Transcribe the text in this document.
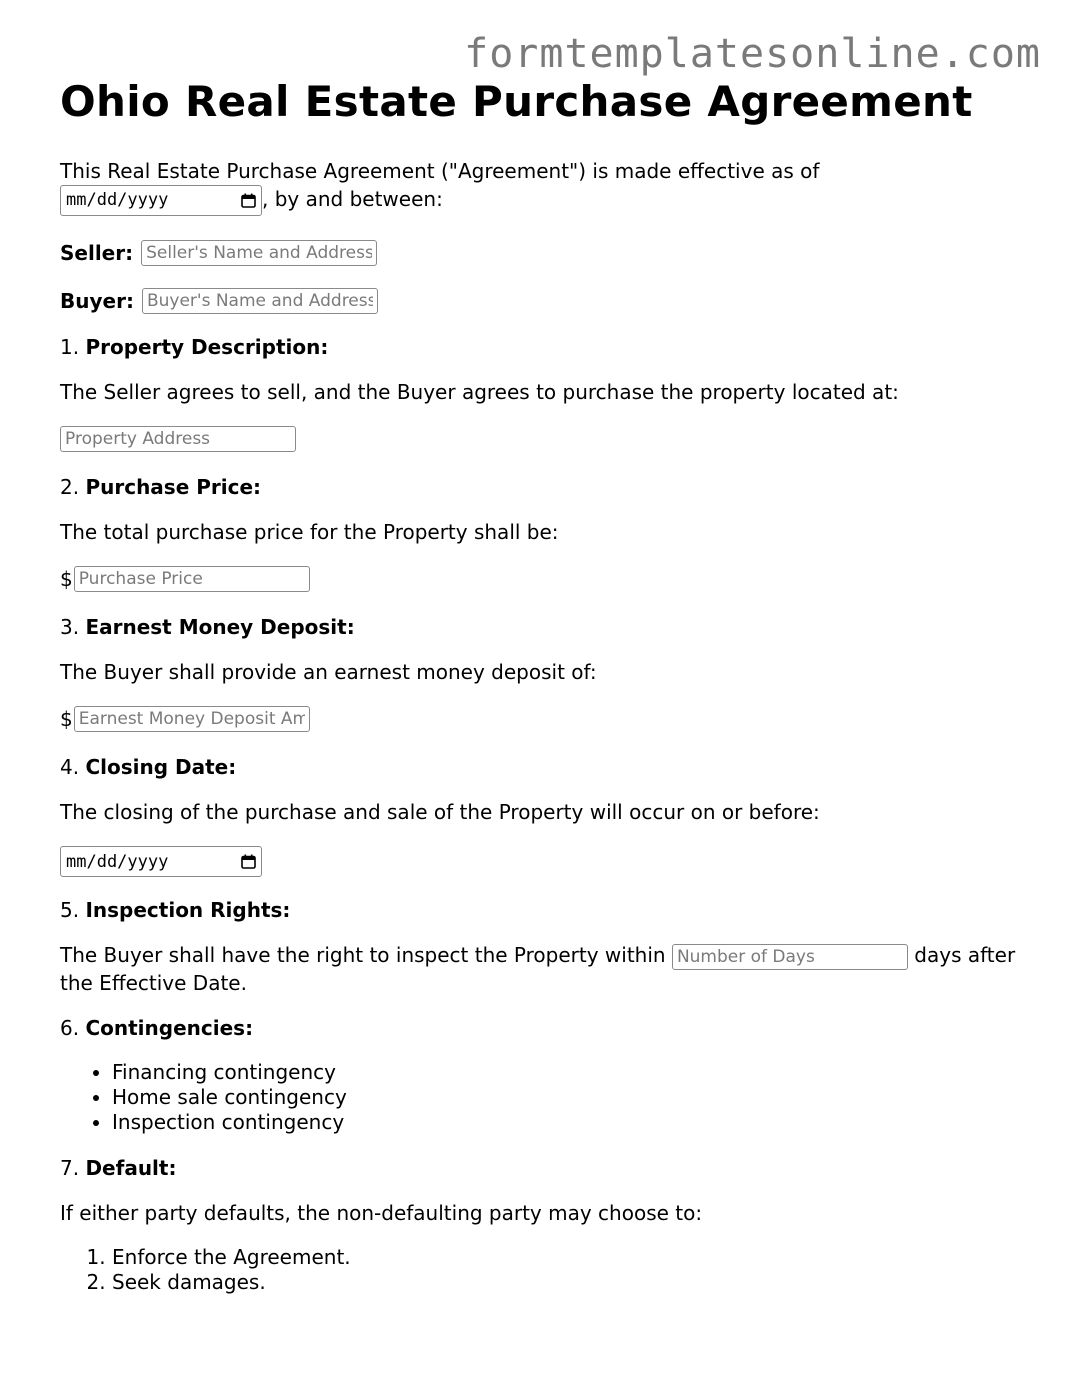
formtemplatesonline.com
Ohio Real Estate Purchase Agreement

This Real Estate Purchase Agreement ("Agreement") is made effective as of

mm/dd/yyyy	, by and between:

Seller:
Seller's Name and Address
Buyer:
Buyer's Name and Address

1. Property Description:

The Seller agrees to sell, and the Buyer agrees to purchase the property located at:

Property Address

2. Purchase Price:

The total purchase price for the Property shall be:

$
Purchase Price

3. Earnest Money Deposit:

The Buyer shall provide an earnest money deposit of:

$
Earnest Money Deposit Amount

4. Closing Date:

The closing of the purchase and sale of the Property will occur on or before:

mm/dd/yyyy

5. Inspection Rights:

The Buyer shall have the right to inspect the Property within Number of Days	days after the Effective Date.

6. Contingencies:

• Financing contingency
• Home sale contingency
• Inspection contingency

7. Default:

If either party defaults, the non-defaulting party may choose to:

1. Enforce the Agreement.
2. Seek damages.
